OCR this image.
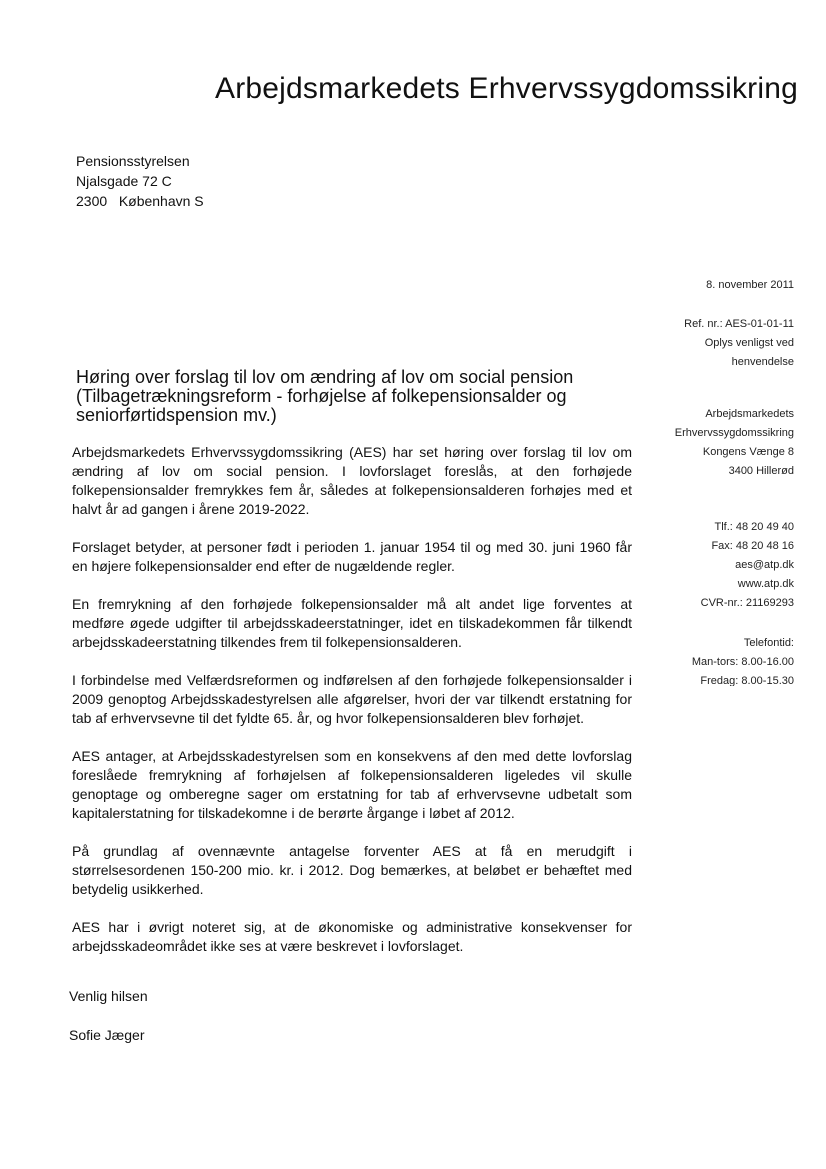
Arbejdsmarkedets Erhvervssygdomssikring
Pensionsstyrelsen
Njalsgade 72 C
2300   København S
8. november 2011
Ref. nr.: AES-01-01-11
Oplys venligst ved
henvendelse
Arbejdsmarkedets
Erhvervssygdomssikring
Kongens Vænge 8
3400 Hillerød
Tlf.: 48 20 49 40
Fax: 48 20 48 16
aes@atp.dk
www.atp.dk
CVR-nr.: 21169293
Telefontid:
Man-tors: 8.00-16.00
Fredag: 8.00-15.30
Høring over forslag til lov om ændring af lov om social pension (Tilbagetrækningsreform - forhøjelse af folkepensionsalder og seniorførtidspension mv.)

Arbejdsmarkedets Erhvervssygdomssikring (AES) har set høring over forslag til lov om ændring af lov om social pension. I lovforslaget foreslås, at den forhøjede folkepensionsalder fremrykkes fem år, således at folkepensionsalderen forhøjes med et halvt år ad gangen i årene 2019-2022.

Forslaget betyder, at personer født i perioden 1. januar 1954 til og med 30. juni 1960 får en højere folkepensionsalder end efter de nugældende regler.

En fremrykning af den forhøjede folkepensionsalder må alt andet lige forventes at medføre øgede udgifter til arbejdsskadeerstatninger, idet en tilskadekommen får tilkendt arbejdsskadeerstatning tilkendes frem til folkepensionsalderen.

I forbindelse med Velfærdsreformen og indførelsen af den forhøjede folkepensionsalder i 2009 genoptog Arbejdsskadestyrelsen alle afgørelser, hvori der var tilkendt erstatning for tab af erhvervsevne til det fyldte 65. år, og hvor folkepensionsalderen blev forhøjet.

AES antager, at Arbejdsskadestyrelsen som en konsekvens af den med dette lovforslag foreslåede fremrykning af forhøjelsen af folkepensionsalderen ligeledes vil skulle genoptage og omberegne sager om erstatning for tab af erhvervsevne udbetalt som kapitalerstatning for tilskadekomne i de berørte årgange i løbet af 2012.

På grundlag af ovennævnte antagelse forventer AES at få en merudgift i størrelsesordenen 150-200 mio. kr. i 2012. Dog bemærkes, at beløbet er behæftet med betydelig usikkerhed.

AES har i øvrigt noteret sig, at de økonomiske og administrative konsekvenser for arbejdsskadeområdet ikke ses at være beskrevet i lovforslaget.

Venlig hilsen
Sofie Jæger
